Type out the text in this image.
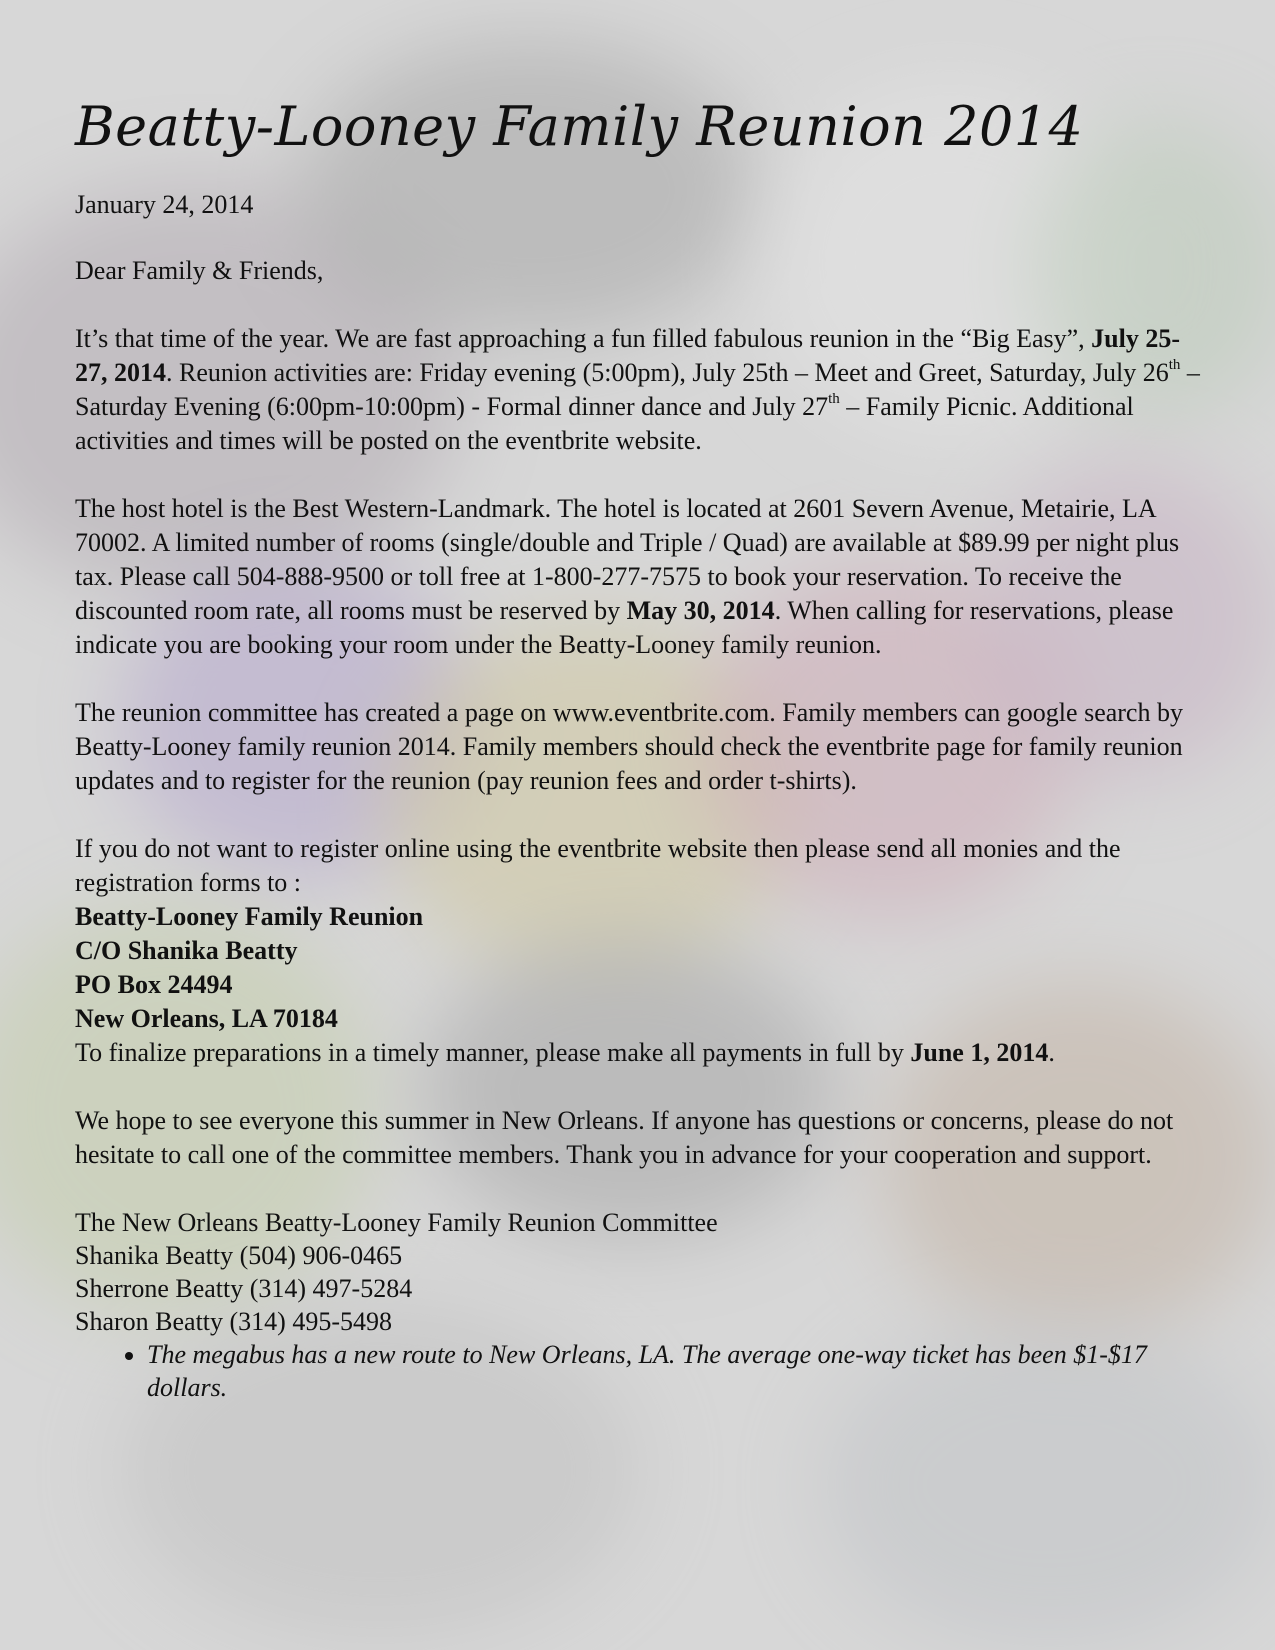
Beatty-Looney Family Reunion 2014

January 24, 2014

Dear Family & Friends,

It’s that time of the year. We are fast approaching a fun filled fabulous reunion in the “Big Easy”, July 25-27, 2014. Reunion activities are: Friday evening (5:00pm), July 25th – Meet and Greet, Saturday, July 26th – Saturday Evening (6:00pm-10:00pm) - Formal dinner dance and July 27th – Family Picnic. Additional activities and times will be posted on the eventbrite website.

The host hotel is the Best Western-Landmark. The hotel is located at 2601 Severn Avenue, Metairie, LA 70002. A limited number of rooms (single/double and Triple / Quad) are available at $89.99 per night plus tax. Please call 504-888-9500 or toll free at 1-800-277-7575 to book your reservation. To receive the discounted room rate, all rooms must be reserved by May 30, 2014. When calling for reservations, please indicate you are booking your room under the Beatty-Looney family reunion.

The reunion committee has created a page on www.eventbrite.com. Family members can google search by Beatty-Looney family reunion 2014. Family members should check the eventbrite page for family reunion updates and to register for the reunion (pay reunion fees and order t-shirts).

If you do not want to register online using the eventbrite website then please send all monies and the registration forms to :
Beatty-Looney Family Reunion
C/O Shanika Beatty
PO Box 24494
New Orleans, LA 70184
To finalize preparations in a timely manner, please make all payments in full by June 1, 2014.

We hope to see everyone this summer in New Orleans. If anyone has questions or concerns, please do not hesitate to call one of the committee members. Thank you in advance for your cooperation and support.

The New Orleans Beatty-Looney Family Reunion Committee
Shanika Beatty (504) 906-0465
Sherrone Beatty (314) 497-5284
Sharon Beatty (314) 495-5498
• The megabus has a new route to New Orleans, LA. The average one-way ticket has been $1-$17 dollars.
